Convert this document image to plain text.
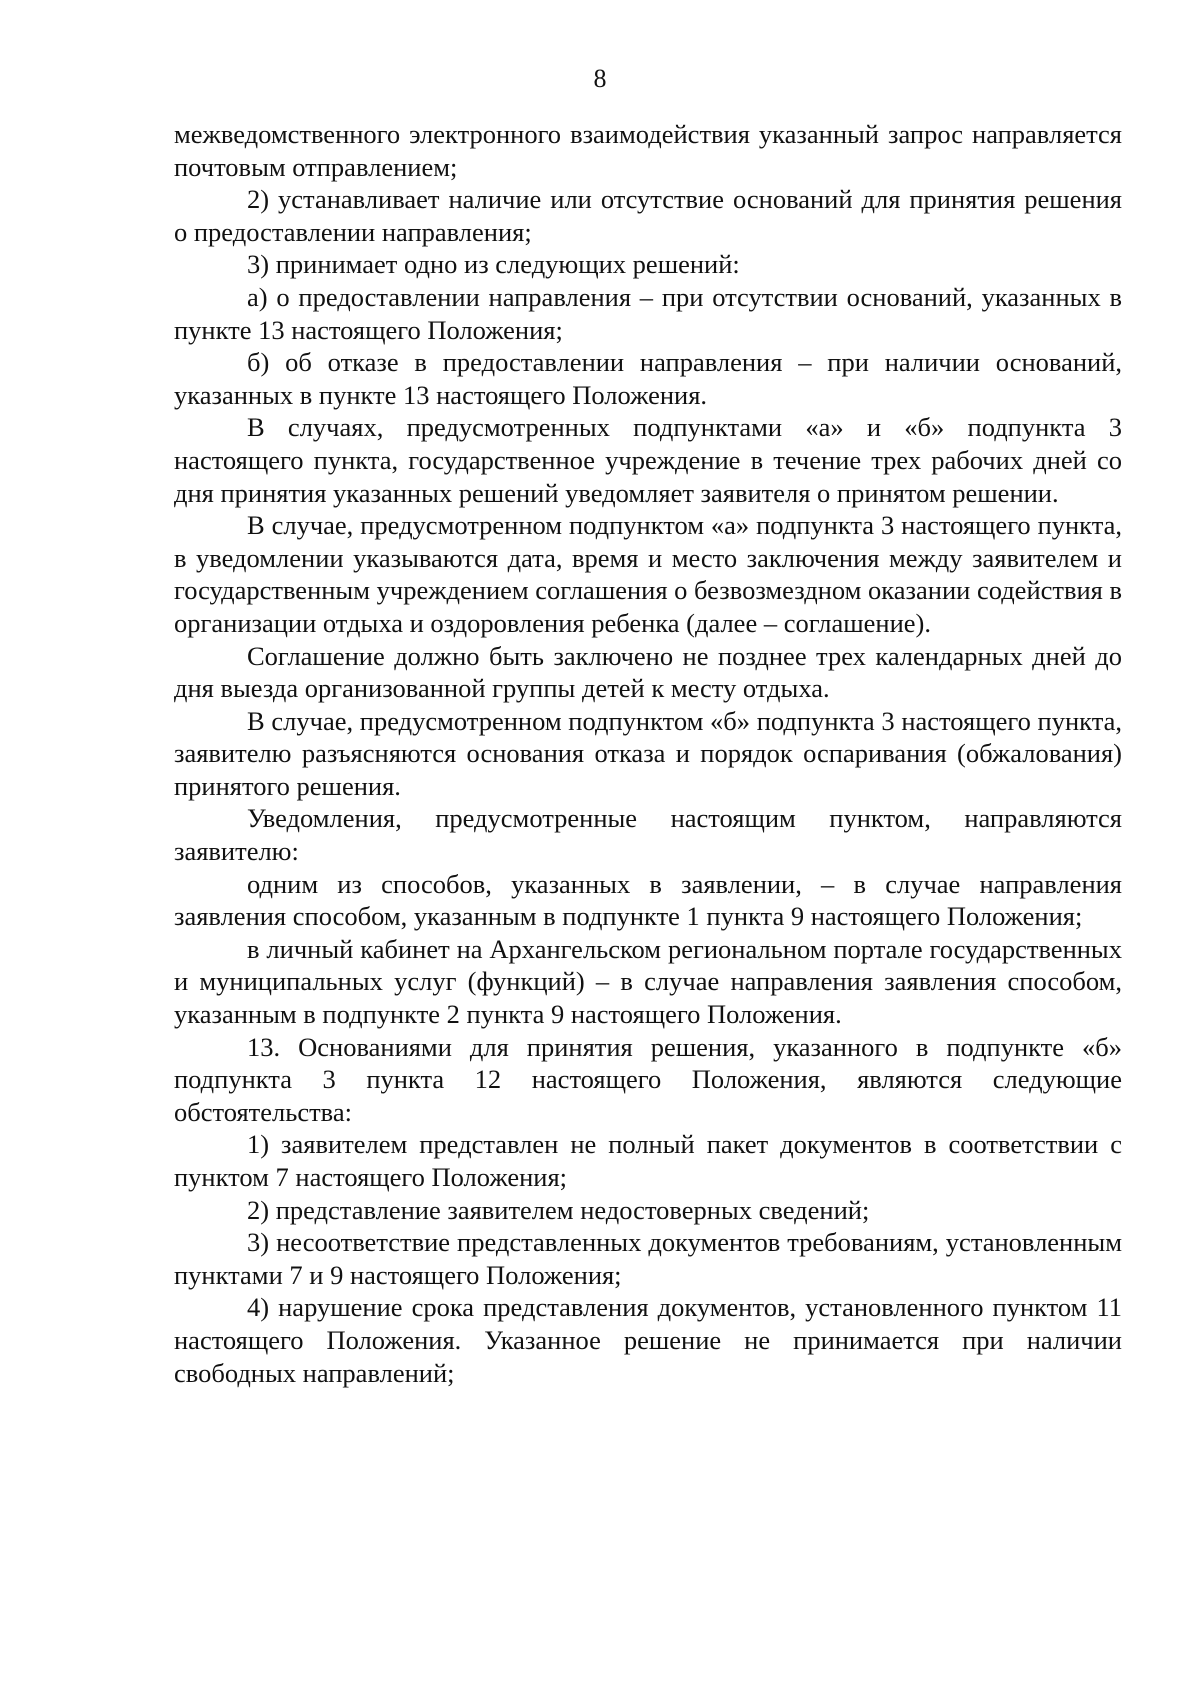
8

межведомственного электронного взаимодействия указанный запрос направляется почтовым отправлением;

2) устанавливает наличие или отсутствие оснований для принятия решения о предоставлении направления;

3) принимает одно из следующих решений:

а) о предоставлении направления – при отсутствии оснований, указанных в пункте 13 настоящего Положения;

б) об отказе в предоставлении направления – при наличии оснований, указанных в пункте 13 настоящего Положения.

В случаях, предусмотренных подпунктами «а» и «б» подпункта 3 настоящего пункта, государственное учреждение в течение трех рабочих дней со дня принятия указанных решений уведомляет заявителя о принятом решении.

В случае, предусмотренном подпунктом «а» подпункта 3 настоящего пункта, в уведомлении указываются дата, время и место заключения между заявителем и государственным учреждением соглашения о безвозмездном оказании содействия в организации отдыха и оздоровления ребенка (далее – соглашение).

Соглашение должно быть заключено не позднее трех календарных дней до дня выезда организованной группы детей к месту отдыха.

В случае, предусмотренном подпунктом «б» подпункта 3 настоящего пункта, заявителю разъясняются основания отказа и порядок оспаривания (обжалования) принятого решения.

Уведомления, предусмотренные настоящим пунктом, направляются заявителю:

одним из способов, указанных в заявлении, – в случае направления заявления способом, указанным в подпункте 1 пункта 9 настоящего Положения;

в личный кабинет на Архангельском региональном портале государственных и муниципальных услуг (функций) – в случае направления заявления способом, указанным в подпункте 2 пункта 9 настоящего Положения.

13. Основаниями для принятия решения, указанного в подпункте «б» подпункта 3 пункта 12 настоящего Положения, являются следующие обстоятельства:

1) заявителем представлен не полный пакет документов в соответствии с пунктом 7 настоящего Положения;

2) представление заявителем недостоверных сведений;

3) несоответствие представленных документов требованиям, установленным пунктами 7 и 9 настоящего Положения;

4) нарушение срока представления документов, установленного пунктом 11 настоящего Положения. Указанное решение не принимается при наличии свободных направлений;
